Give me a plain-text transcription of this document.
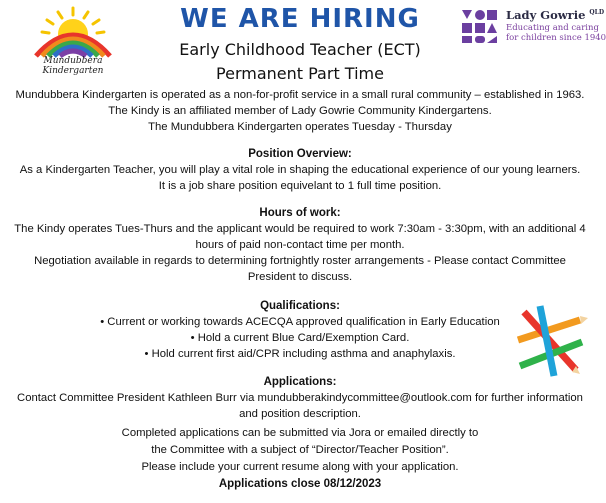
Mundubbera
Kindergarten
WE ARE HIRING
Early Childhood Teacher (ECT)
Permanent Part Time
Lady Gowrie $^{QLD}$
Educating and caring
for children since 1940
Mundubbera Kindergarten is operated as a non-for-profit service in a small rural community – established in 1963.
The Kindy is an affiliated member of Lady Gowrie Community Kindergartens.
The Mundubbera Kindergarten operates Tuesday - Thursday
Position Overview:
As a Kindergarten Teacher, you will play a vital role in shaping the educational experience of our young learners.
It is a job share position equivelant to 1 full time position.
Hours of work:
The Kindy operates Tues-Thurs and the applicant would be required to work 7:30am - 3:30pm, with an additional 4
hours of paid non-contact time per month.
Negotiation available in regards to determining fortnightly roster arrangements - Please contact Committee
President to discuss.
Qualifications:
• Current or working towards ACECQA approved qualification in Early Education
• Hold a current Blue Card/Exemption Card.
• Hold current first aid/CPR including asthma and anaphylaxis.
Applications:
Contact Committee President Kathleen Burr via mundubberakindycommittee@outlook.com for further information
and position description.
Completed applications can be submitted via Jora or emailed directly to
the Committee with a subject of “Director/Teacher Position”.
Please include your current resume along with your application.
Applications close 08/12/2023
